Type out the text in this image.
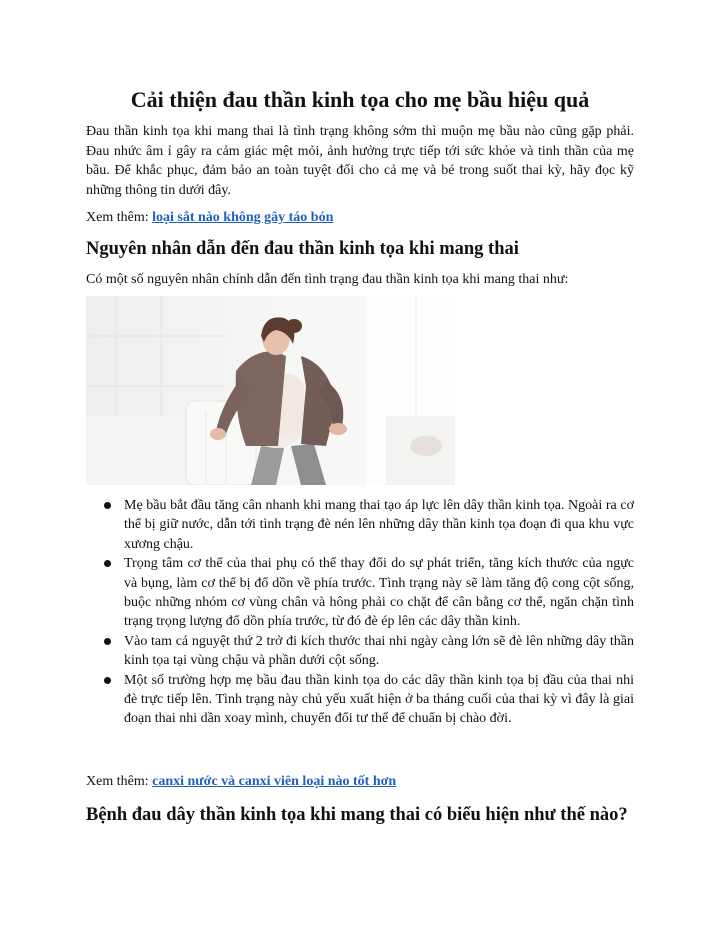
Cải thiện đau thần kinh tọa cho mẹ bầu hiệu quả

Đau thần kinh tọa khi mang thai là tình trạng không sớm thì muộn mẹ bầu nào cũng gặp phải. Đau nhức âm ỉ gây ra cảm giác mệt mỏi, ảnh hưởng trực tiếp tới sức khỏe và tinh thần của mẹ bầu. Để khắc phục, đảm bảo an toàn tuyệt đối cho cả mẹ và bé trong suốt thai kỳ, hãy đọc kỹ những thông tin dưới đây.

Xem thêm: loại sắt nào không gây táo bón

Nguyên nhân dẫn đến đau thần kinh tọa khi mang thai

Có một số nguyên nhân chính dẫn đến tình trạng đau thần kinh tọa khi mang thai như:

Mẹ bầu bắt đầu tăng cân nhanh khi mang thai tạo áp lực lên dây thần kinh tọa. Ngoài ra cơ thể bị giữ nước, dẫn tới tình trạng đè nén lên những dây thần kinh tọa đoạn đi qua khu vực xương chậu.
Trọng tâm cơ thể của thai phụ có thể thay đổi do sự phát triển, tăng kích thước của ngực và bụng, làm cơ thể bị đổ dồn về phía trước. Tình trạng này sẽ làm tăng độ cong cột sống, buộc những nhóm cơ vùng chân và hông phải co chặt để cân bằng cơ thể, ngăn chặn tình trạng trọng lượng đổ dồn phía trước, từ đó đè ép lên các dây thần kinh.
Vào tam cá nguyệt thứ 2 trở đi kích thước thai nhi ngày càng lớn sẽ đè lên những dây thần kinh tọa tại vùng chậu và phần dưới cột sống.
Một số trường hợp mẹ bầu đau thần kinh tọa do các dây thần kinh tọa bị đầu của thai nhi đè trực tiếp lên. Tình trạng này chủ yếu xuất hiện ở ba tháng cuối của thai kỳ vì đây là giai đoạn thai nhi dần xoay mình, chuyển đổi tư thế để chuẩn bị chào đời.

Xem thêm: canxi nước và canxi viên loại nào tốt hơn

Bệnh đau dây thần kinh tọa khi mang thai có biểu hiện như thế nào?
